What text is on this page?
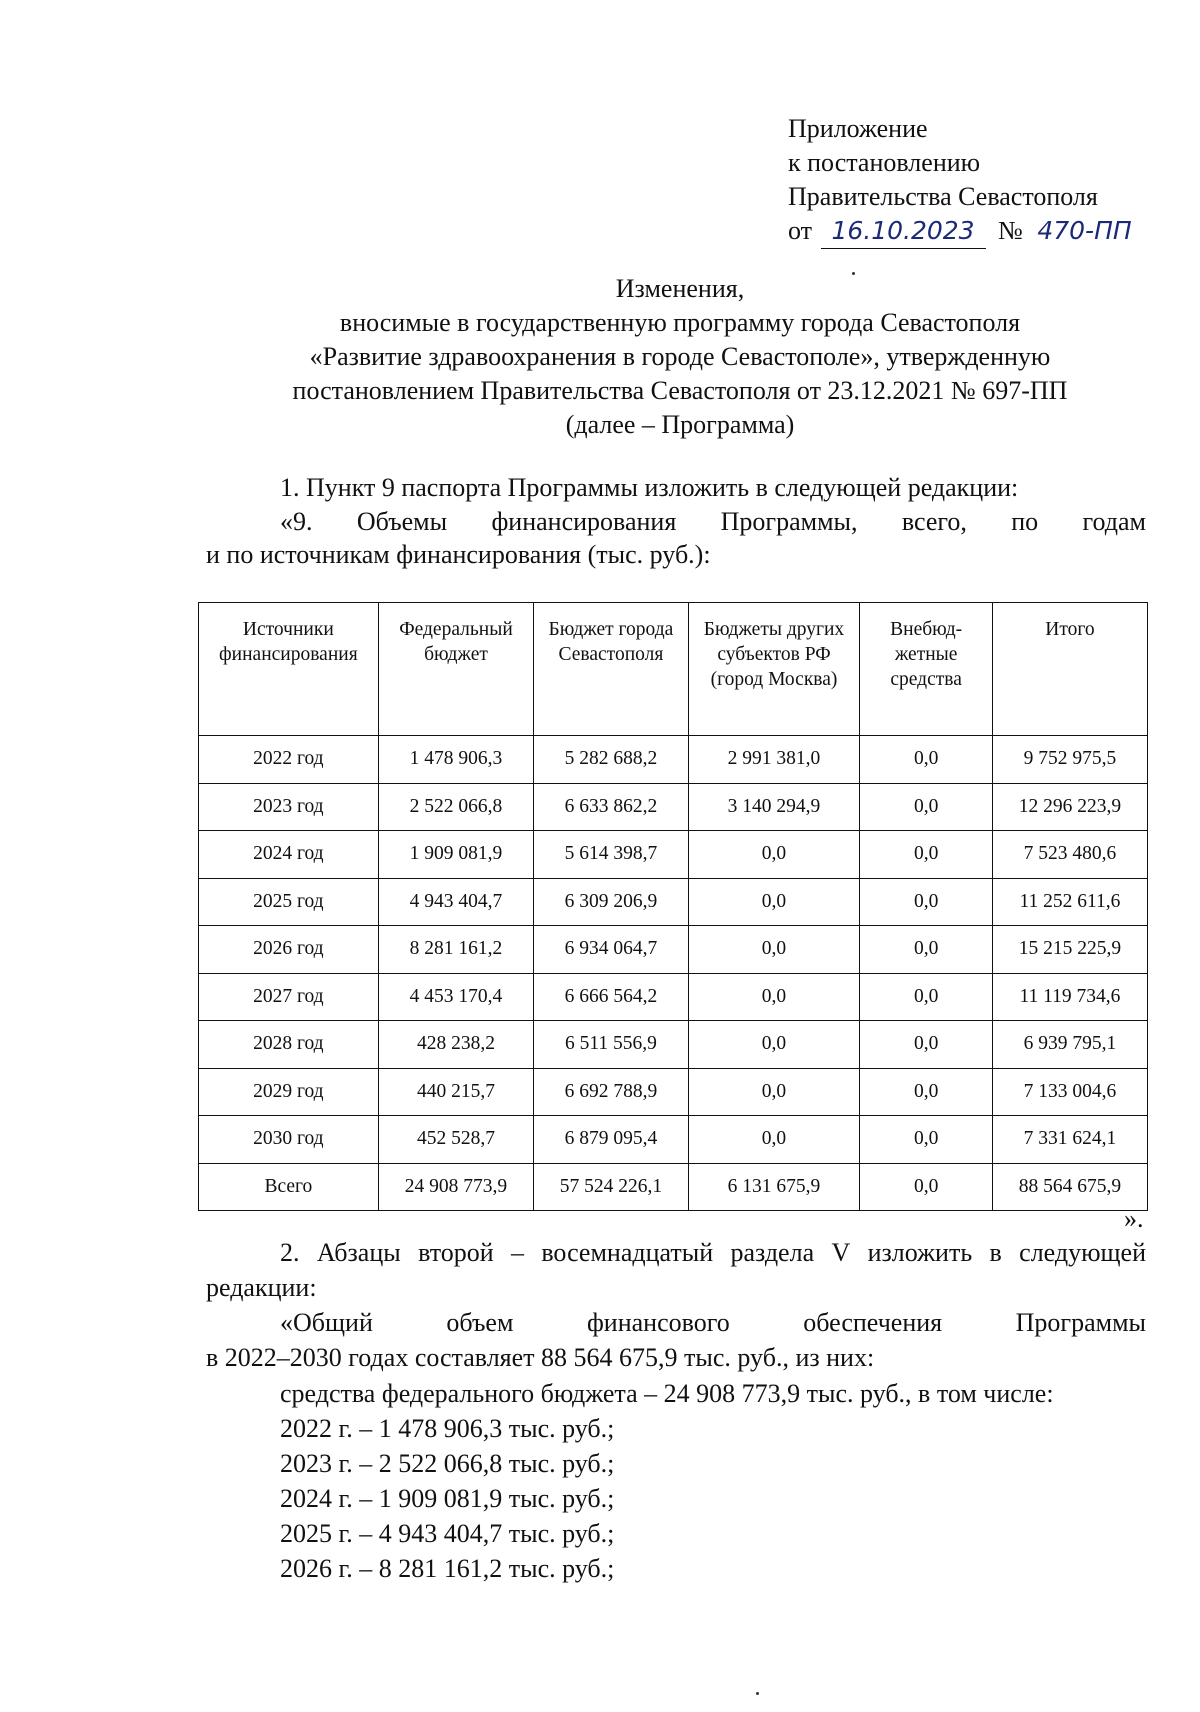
Приложение
к постановлению
Правительства Севастополя
от 16.10.2023 № 470-ПП
Изменения,
вносимые в государственную программу города Севастополя
«Развитие здравоохранения в городе Севастополе», утвержденную
постановлением Правительства Севастополя от 23.12.2021 № 697-ПП
(далее – Программа)
1. Пункт 9 паспорта Программы изложить в следующей редакции:
«9. Объемы финансирования Программы, всего, по годам
и по источникам финансирования (тыс. руб.):
Источники финансирования	Федеральный бюджет	Бюджет города Севастополя	Бюджеты других субъектов РФ (город Москва)	Внебюд-жетные средства	Итого
2022 год	1 478 906,3	5 282 688,2	2 991 381,0	0,0	9 752 975,5
2023 год	2 522 066,8	6 633 862,2	3 140 294,9	0,0	12 296 223,9
2024 год	1 909 081,9	5 614 398,7	0,0	0,0	7 523 480,6
2025 год	4 943 404,7	6 309 206,9	0,0	0,0	11 252 611,6
2026 год	8 281 161,2	6 934 064,7	0,0	0,0	15 215 225,9
2027 год	4 453 170,4	6 666 564,2	0,0	0,0	11 119 734,6
2028 год	428 238,2	6 511 556,9	0,0	0,0	6 939 795,1
2029 год	440 215,7	6 692 788,9	0,0	0,0	7 133 004,6
2030 год	452 528,7	6 879 095,4	0,0	0,0	7 331 624,1
Всего	24 908 773,9	57 524 226,1	6 131 675,9	0,0	88 564 675,9
».
2. Абзацы второй – восемнадцатый раздела V изложить в следующей
редакции:
«Общий	объем	финансового	обеспечения	Программы
в 2022–2030 годах составляет 88 564 675,9 тыс. руб., из них:
средства федерального бюджета – 24 908 773,9 тыс. руб., в том числе:
2022 г. – 1 478 906,3 тыс. руб.;
2023 г. – 2 522 066,8 тыс. руб.;
2024 г. – 1 909 081,9 тыс. руб.;
2025 г. – 4 943 404,7 тыс. руб.;
2026 г. – 8 281 161,2 тыс. руб.;
